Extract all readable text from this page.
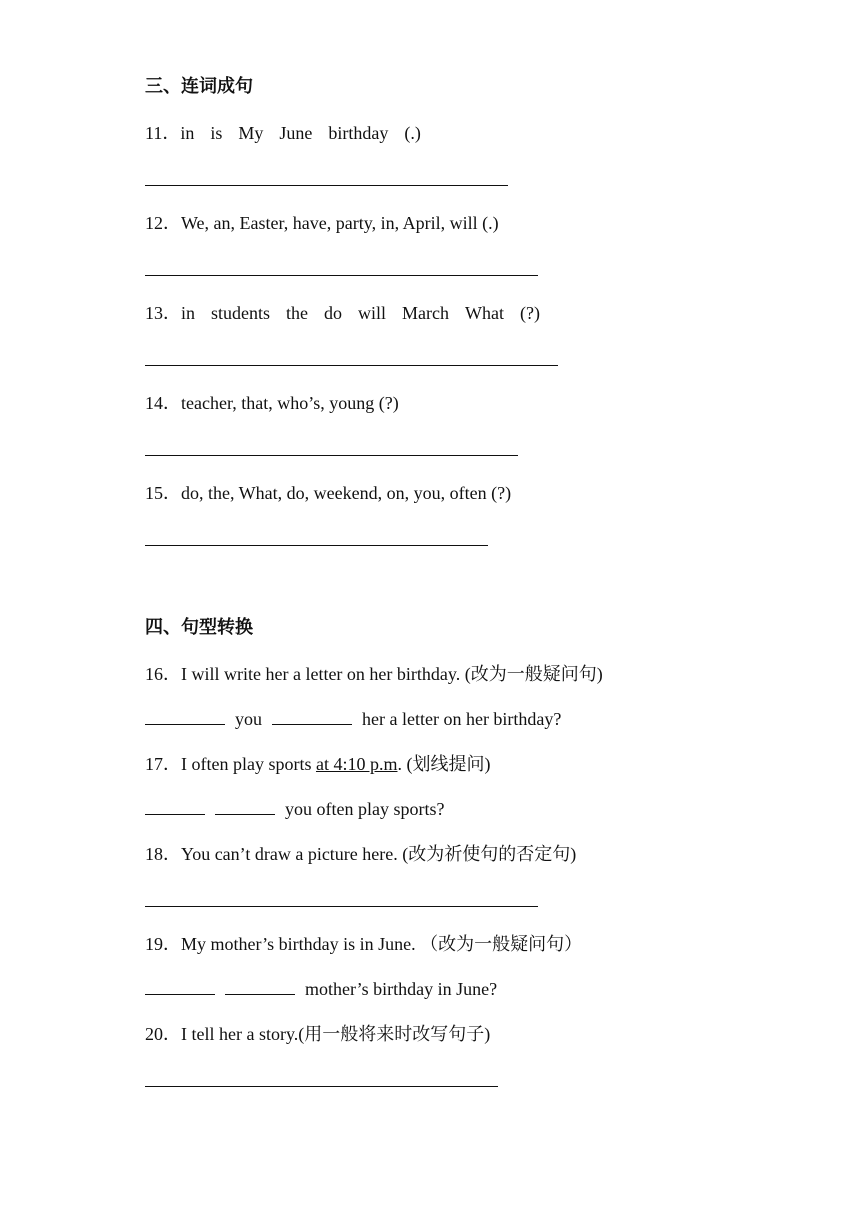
三、连词成句
11．in is My June birthday (.)
12．We, an, Easter, have, party, in, April, will (.)
13．in students the do will March What (?)
14．teacher, that, who’s, young (?)
15．do, the, What, do, weekend, on, you, often (?)
四、句型转换
16．I will write her a letter on her birthday. (改为一般疑问句)
you	her a letter on her birthday?
17．I often play sports at 4:10 p.m. (划线提问)
you often play sports?
18．You can’t draw a picture here. (改为祈使句的否定句)
19．My mother’s birthday is in June. （改为一般疑问句）
mother’s birthday in June?
20．I tell her a story.(用一般将来时改写句子)
